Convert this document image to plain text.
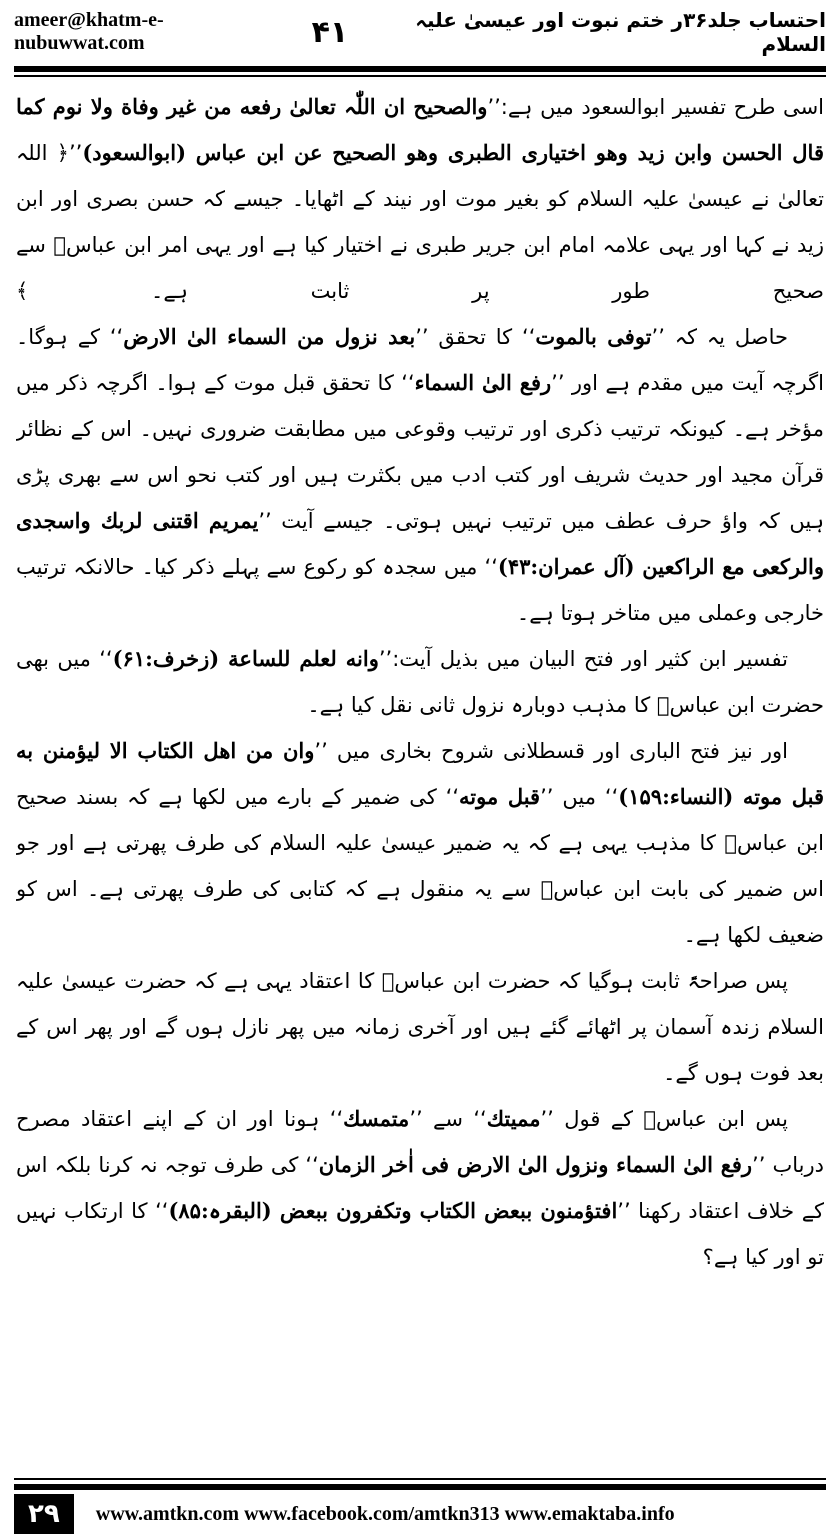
ameer@khatm-e-nubuwwat.com	۴۱	احتساب جلد۳۶ر ختم نبوت اور عیسیٰ علیہ السلام

اسی طرح تفسیر ابوالسعود میں ہے:’’والصحیح ان اللّٰہ تعالیٰ رفعه من غیر وفاة ولا نوم کما قال الحسن وابن زید وھو اختیاری الطبری وھو الصحیح عن ابن عباس (ابوالسعود)’’﴿ اللہ تعالیٰ نے عیسیٰ علیہ السلام کو بغیر موت اور نیند کے اٹھایا۔ جیسے کہ حسن بصری اور ابن زید نے کہا اور یہی علامہ امام ابن جریر طبری نے اختیار کیا ہے اور یہی امر ابن عباسؓ سے صحیح طور پر ثابت ہے۔ ﴾

حاصل یہ کہ ’’توفی بالموت‘‘ کا تحقق ’’بعد نزول من السماء الیٰ الارض‘‘ کے ہوگا۔ اگرچہ آیت میں مقدم ہے اور ’’رفع الیٰ السماء‘‘ کا تحقق قبل موت کے ہوا۔ اگرچہ ذکر میں مؤخر ہے۔ کیونکہ ترتیب ذکری اور ترتیب وقوعی میں مطابقت ضروری نہیں۔ اس کے نظائر قرآن مجید اور حدیث شریف اور کتب ادب میں بکثرت ہیں اور کتب نحو اس سے بھری پڑی ہیں کہ واؤ حرف عطف میں ترتیب نہیں ہوتی۔ جیسے آیت ’’یمریم اقتنی لربك واسجدی والرکعی مع الراکعین (آل عمران:۴۳)‘‘ میں سجدہ کو رکوع سے پہلے ذکر کیا۔ حالانکہ ترتیب خارجی وعملی میں متاخر ہوتا ہے۔

تفسیر ابن کثیر اور فتح البیان میں بذیل آیت:’’وانه لعلم للساعة (زخرف:۶۱)‘‘ میں بھی حضرت ابن عباسؓ کا مذہب دوبارہ نزول ثانی نقل کیا ہے۔

اور نیز فتح الباری اور قسطلانی شروح بخاری میں ’’وان من اھل الکتاب الا لیؤمنن به قبل موته (النساء:۱۵۹)‘‘ میں ’’قبل موته‘‘ کی ضمیر کے بارے میں لکھا ہے کہ بسند صحیح ابن عباسؓ کا مذہب یہی ہے کہ یہ ضمیر عیسیٰ علیہ السلام کی طرف پھرتی ہے اور جو اس ضمیر کی بابت ابن عباسؓ سے یہ منقول ہے کہ کتابی کی طرف پھرتی ہے۔ اس کو ضعیف لکھا ہے۔

پس صراحۃً ثابت ہوگیا کہ حضرت ابن عباسؓ کا اعتقاد یہی ہے کہ حضرت عیسیٰ علیہ السلام زندہ آسمان پر اٹھائے گئے ہیں اور آخری زمانہ میں پھر نازل ہوں گے اور پھر اس کے بعد فوت ہوں گے۔

پس ابن عباسؓ کے قول ’’ممیتك‘‘ سے ’’متمسك‘‘ ہونا اور ان کے اپنے اعتقاد مصرح درباب ’’رفع الیٰ السماء ونزول الیٰ الارض فی اٰخر الزمان‘‘ کی طرف توجہ نہ کرنا بلکہ اس کے خلاف اعتقاد رکھنا ’’افتؤمنون ببعض الکتاب وتکفرون ببعض (البقرہ:۸۵)‘‘ کا ارتکاب نہیں تو اور کیا ہے؟

۲۹	www.amtkn.com www.facebook.com/amtkn313 www.emaktaba.info
